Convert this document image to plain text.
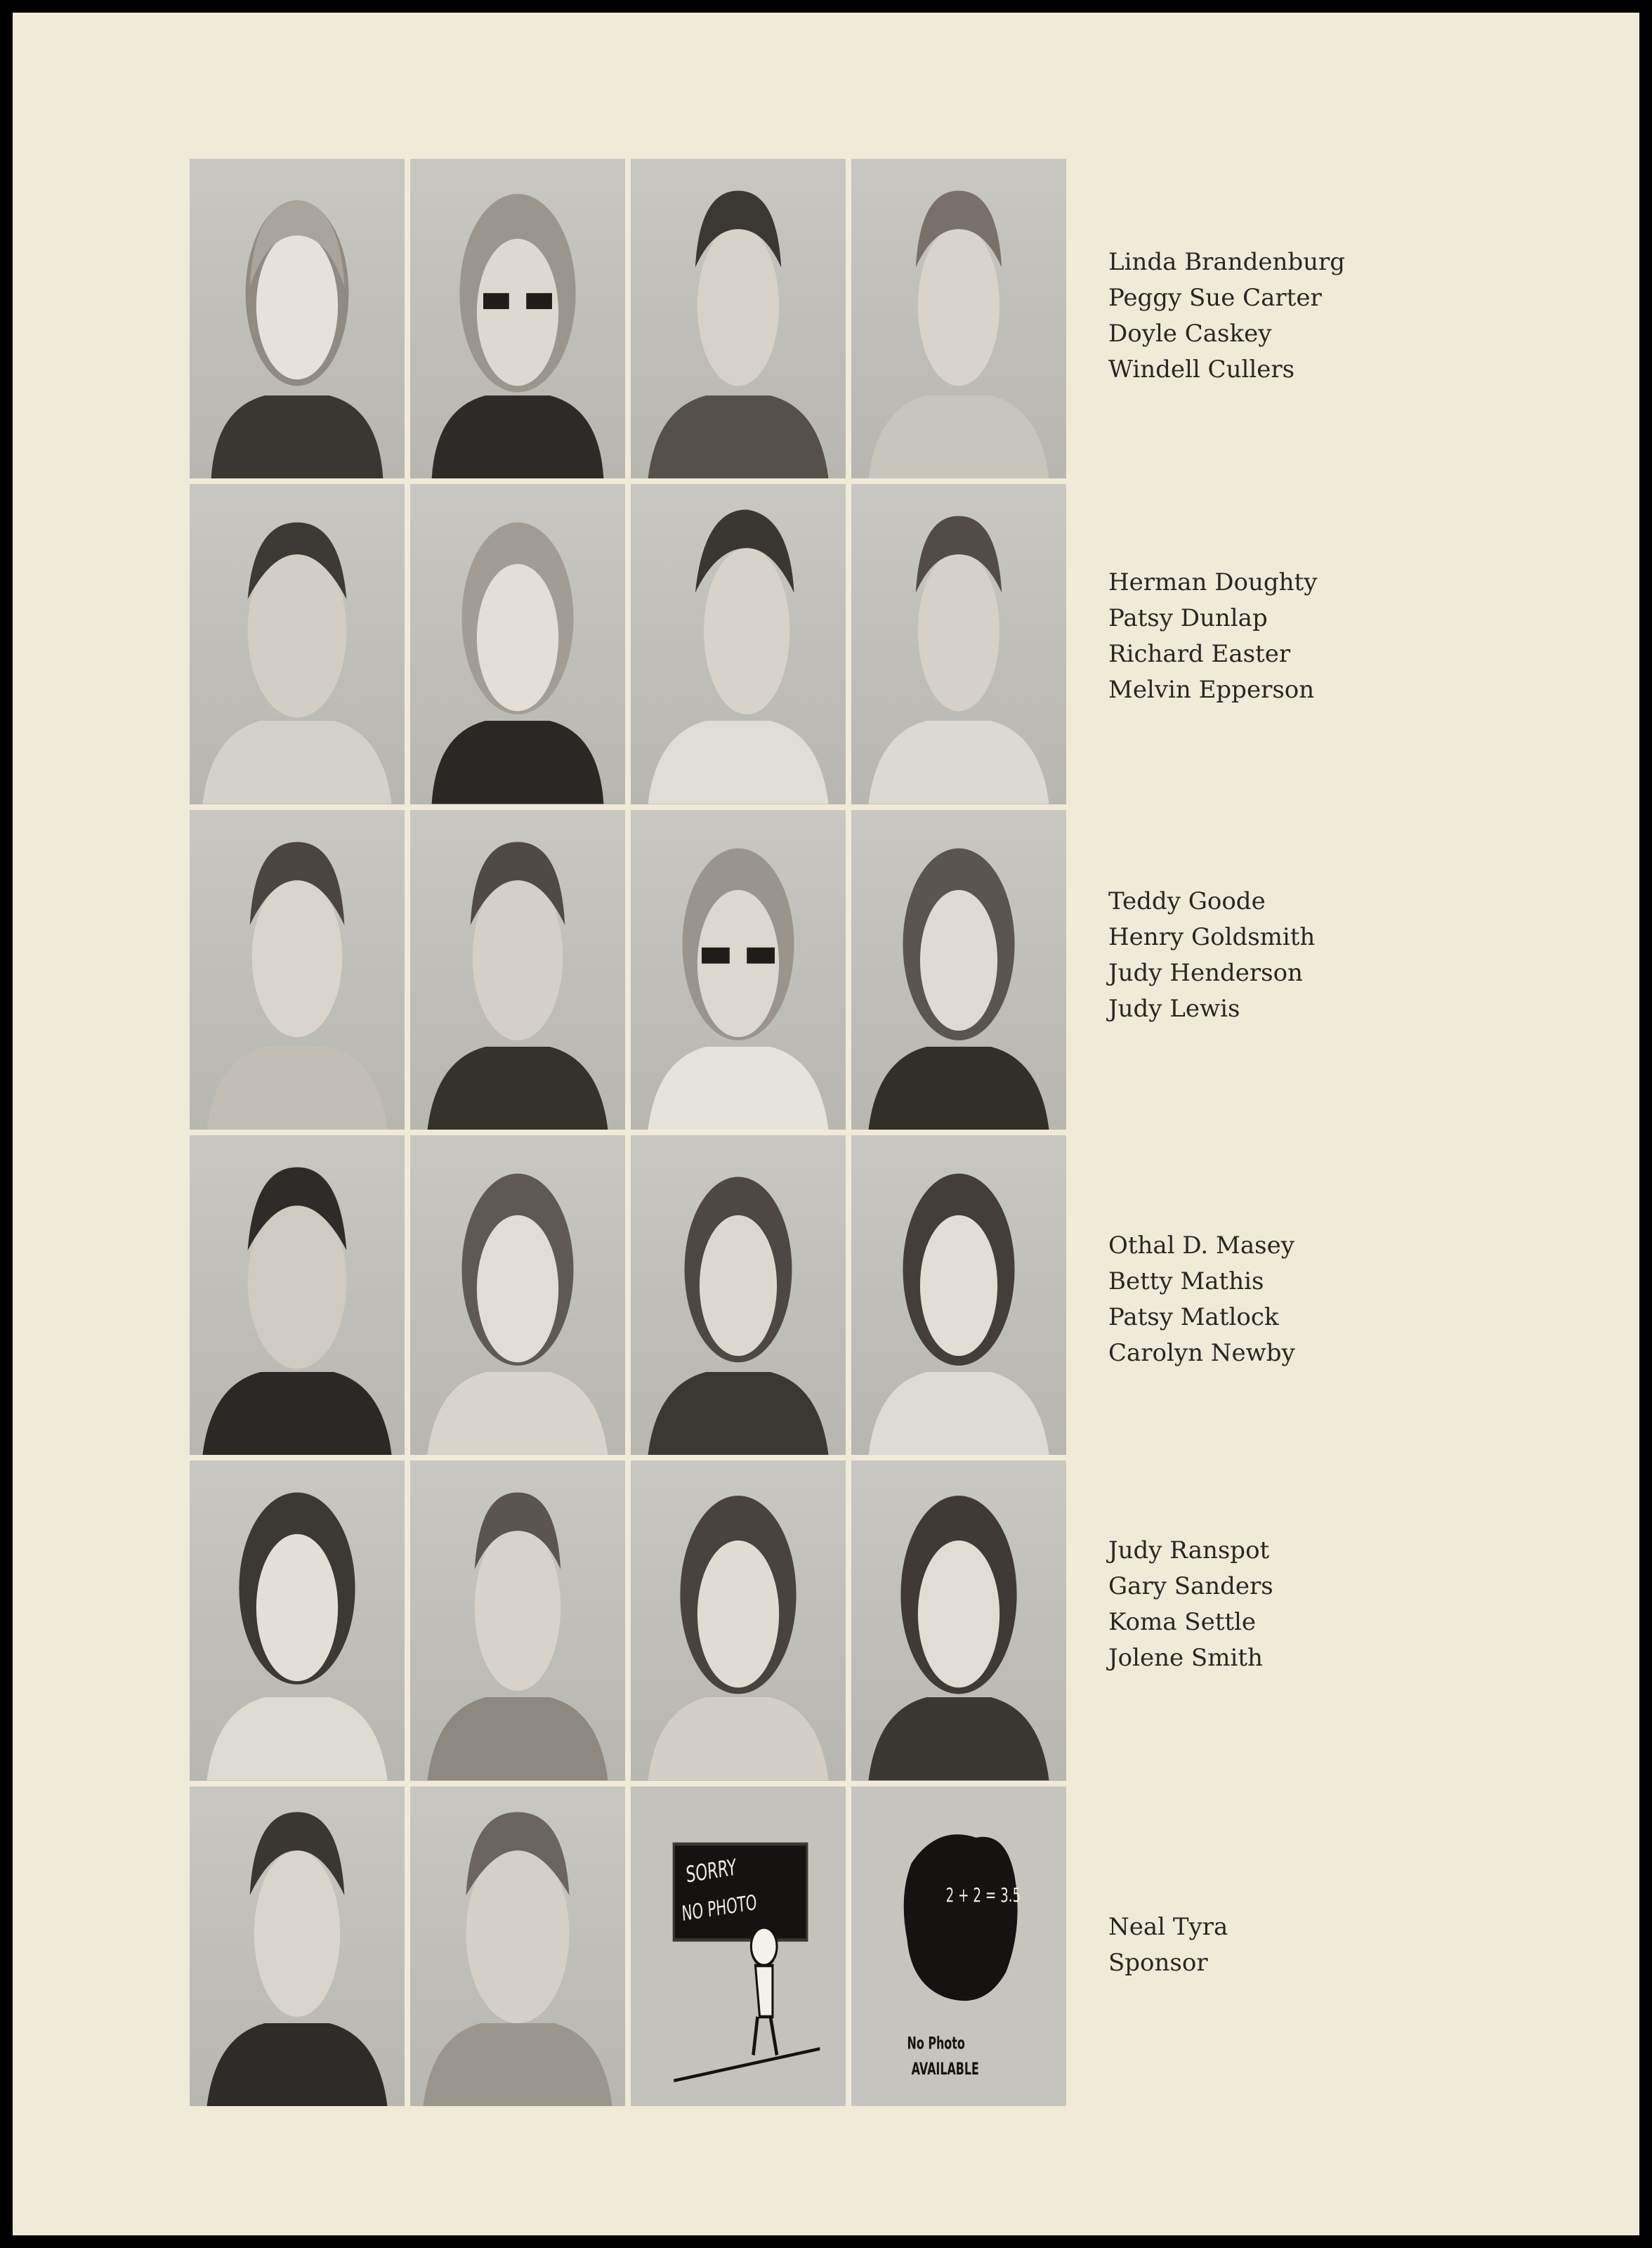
SORRY
NO PHOTO	2 + 2 = 3.5
No Photo
AVAILABLE
Linda Brandenburg
Peggy Sue Carter
Doyle Caskey
Windell Cullers
Herman Doughty
Patsy Dunlap
Richard Easter
Melvin Epperson
Teddy Goode
Henry Goldsmith
Judy Henderson
Judy Lewis
Othal D. Masey
Betty Mathis
Patsy Matlock
Carolyn Newby
Judy Ranspot
Gary Sanders
Koma Settle
Jolene Smith
Neal Tyra
Sponsor
